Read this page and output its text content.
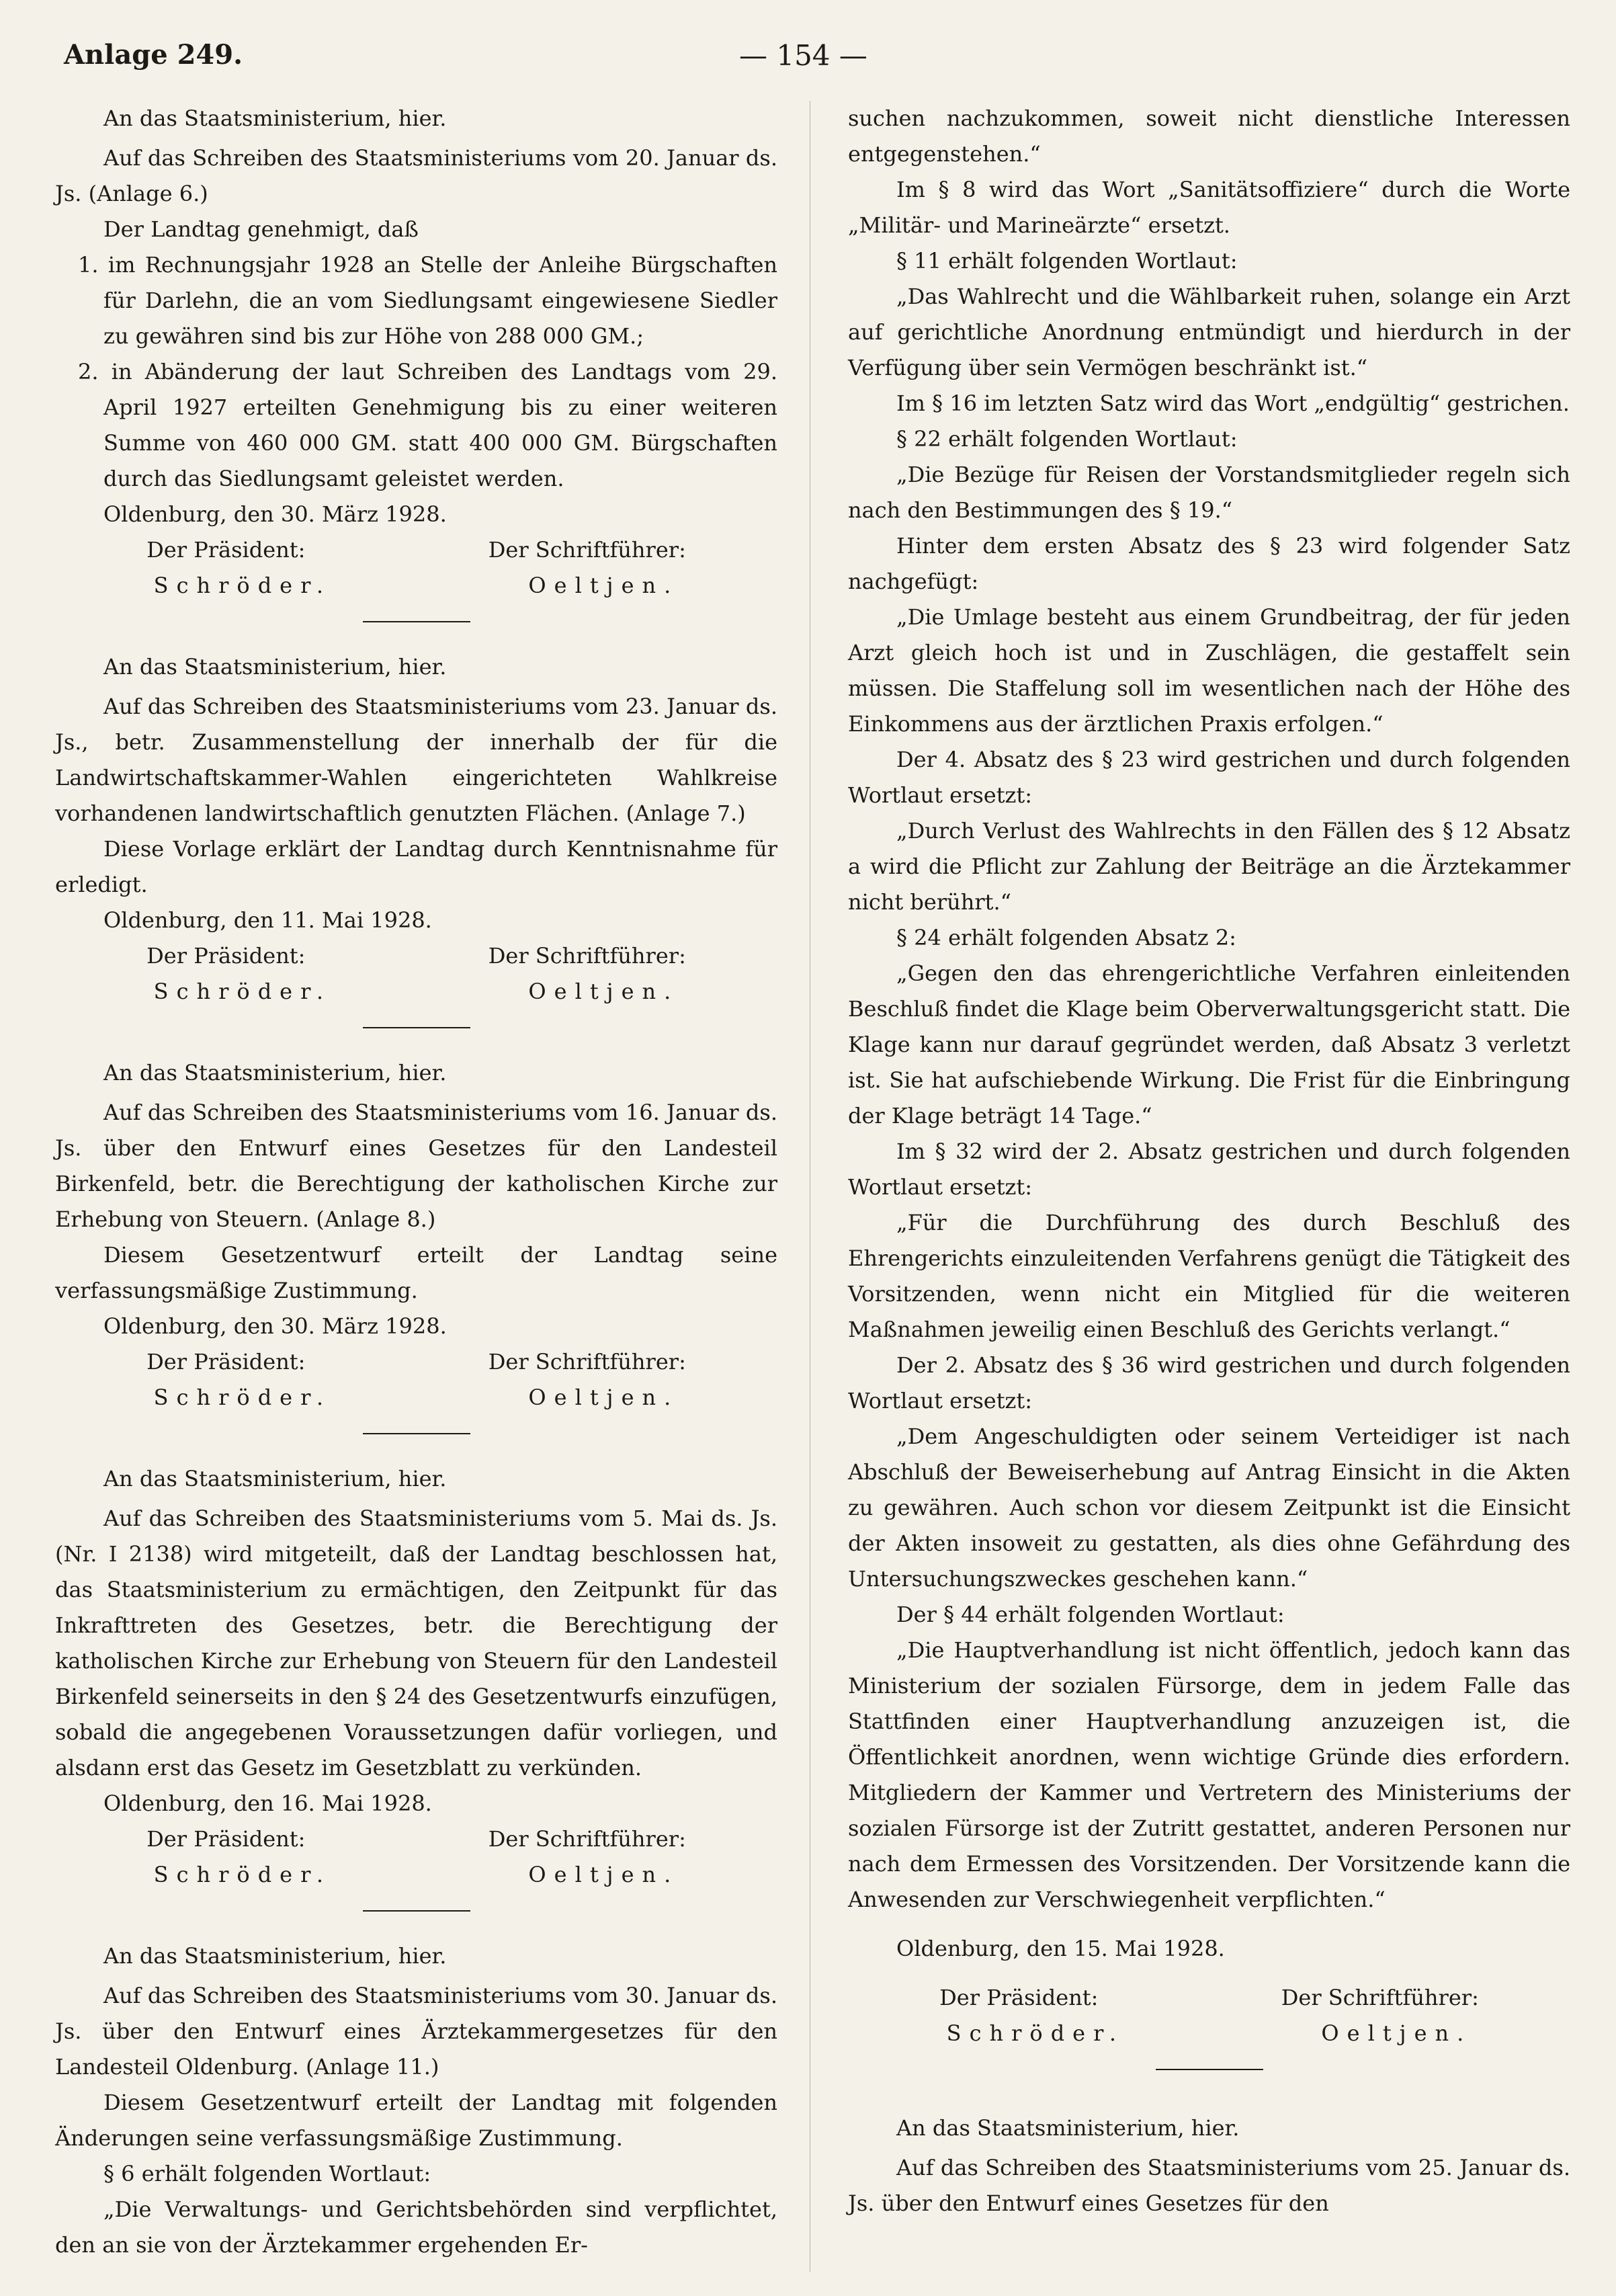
Anlage 249.	— 154 —

An das Staatsministerium, hier.

Auf das Schreiben des Staatsministeriums vom 20. Januar ds. Js. (Anlage 6.)

Der Landtag genehmigt, daß

1. im Rechnungsjahr 1928 an Stelle der Anleihe Bürgschaften für Darlehn, die an vom Siedlungsamt eingewiesene Siedler zu gewähren sind bis zur Höhe von 288 000 GM.;

2. in Abänderung der laut Schreiben des Landtags vom 29. April 1927 erteilten Genehmigung bis zu einer weiteren Summe von 460 000 GM. statt 400 000 GM. Bürgschaften durch das Siedlungsamt geleistet werden.

Oldenburg, den 30. März 1928.

Der Präsident:	Der Schriftführer:
Schröder.	Oeltjen.

An das Staatsministerium, hier.

Auf das Schreiben des Staatsministeriums vom 23. Januar ds. Js., betr. Zusammenstellung der innerhalb der für die Landwirtschaftskammer-Wahlen eingerichteten Wahlkreise vorhandenen landwirtschaftlich genutzten Flächen. (Anlage 7.)

Diese Vorlage erklärt der Landtag durch Kenntnisnahme für erledigt.

Oldenburg, den 11. Mai 1928.

Der Präsident:	Der Schriftführer:
Schröder.	Oeltjen.

An das Staatsministerium, hier.

Auf das Schreiben des Staatsministeriums vom 16. Januar ds. Js. über den Entwurf eines Gesetzes für den Landesteil Birkenfeld, betr. die Berechtigung der katholischen Kirche zur Erhebung von Steuern. (Anlage 8.)

Diesem Gesetzentwurf erteilt der Landtag seine verfassungsmäßige Zustimmung.

Oldenburg, den 30. März 1928.

Der Präsident:	Der Schriftführer:
Schröder.	Oeltjen.

An das Staatsministerium, hier.

Auf das Schreiben des Staatsministeriums vom 5. Mai ds. Js. (Nr. I 2138) wird mitgeteilt, daß der Landtag beschlossen hat, das Staatsministerium zu ermächtigen, den Zeitpunkt für das Inkrafttreten des Gesetzes, betr. die Berechtigung der katholischen Kirche zur Erhebung von Steuern für den Landesteil Birkenfeld seinerseits in den § 24 des Gesetzentwurfs einzufügen, sobald die angegebenen Voraussetzungen dafür vorliegen, und alsdann erst das Gesetz im Gesetzblatt zu verkünden.

Oldenburg, den 16. Mai 1928.

Der Präsident:	Der Schriftführer:
Schröder.	Oeltjen.

An das Staatsministerium, hier.

Auf das Schreiben des Staatsministeriums vom 30. Januar ds. Js. über den Entwurf eines Ärztekammergesetzes für den Landesteil Oldenburg. (Anlage 11.)

Diesem Gesetzentwurf erteilt der Landtag mit folgenden Änderungen seine verfassungsmäßige Zustimmung.

§ 6 erhält folgenden Wortlaut:

„Die Verwaltungs- und Gerichtsbehörden sind verpflichtet, den an sie von der Ärztekammer ergehenden Er-

suchen nachzukommen, soweit nicht dienstliche Interessen entgegenstehen.“

Im § 8 wird das Wort „Sanitätsoffiziere“ durch die Worte „Militär- und Marineärzte“ ersetzt.

§ 11 erhält folgenden Wortlaut:

„Das Wahlrecht und die Wählbarkeit ruhen, solange ein Arzt auf gerichtliche Anordnung entmündigt und hierdurch in der Verfügung über sein Vermögen beschränkt ist.“

Im § 16 im letzten Satz wird das Wort „endgültig“ gestrichen.

§ 22 erhält folgenden Wortlaut:

„Die Bezüge für Reisen der Vorstandsmitglieder regeln sich nach den Bestimmungen des § 19.“

Hinter dem ersten Absatz des § 23 wird folgender Satz nachgefügt:

„Die Umlage besteht aus einem Grundbeitrag, der für jeden Arzt gleich hoch ist und in Zuschlägen, die gestaffelt sein müssen. Die Staffelung soll im wesentlichen nach der Höhe des Einkommens aus der ärztlichen Praxis erfolgen.“

Der 4. Absatz des § 23 wird gestrichen und durch folgenden Wortlaut ersetzt:

„Durch Verlust des Wahlrechts in den Fällen des § 12 Absatz a wird die Pflicht zur Zahlung der Beiträge an die Ärztekammer nicht berührt.“

§ 24 erhält folgenden Absatz 2:

„Gegen den das ehrengerichtliche Verfahren einleitenden Beschluß findet die Klage beim Oberverwaltungsgericht statt. Die Klage kann nur darauf gegründet werden, daß Absatz 3 verletzt ist. Sie hat aufschiebende Wirkung. Die Frist für die Einbringung der Klage beträgt 14 Tage.“

Im § 32 wird der 2. Absatz gestrichen und durch folgenden Wortlaut ersetzt:

„Für die Durchführung des durch Beschluß des Ehrengerichts einzuleitenden Verfahrens genügt die Tätigkeit des Vorsitzenden, wenn nicht ein Mitglied für die weiteren Maßnahmen jeweilig einen Beschluß des Gerichts verlangt.“

Der 2. Absatz des § 36 wird gestrichen und durch folgenden Wortlaut ersetzt:

„Dem Angeschuldigten oder seinem Verteidiger ist nach Abschluß der Beweiserhebung auf Antrag Einsicht in die Akten zu gewähren. Auch schon vor diesem Zeitpunkt ist die Einsicht der Akten insoweit zu gestatten, als dies ohne Gefährdung des Untersuchungszweckes geschehen kann.“

Der § 44 erhält folgenden Wortlaut:

„Die Hauptverhandlung ist nicht öffentlich, jedoch kann das Ministerium der sozialen Fürsorge, dem in jedem Falle das Stattfinden einer Hauptverhandlung anzuzeigen ist, die Öffentlichkeit anordnen, wenn wichtige Gründe dies erfordern. Mitgliedern der Kammer und Vertretern des Ministeriums der sozialen Fürsorge ist der Zutritt gestattet, anderen Personen nur nach dem Ermessen des Vorsitzenden. Der Vorsitzende kann die Anwesenden zur Verschwiegenheit verpflichten.“

Oldenburg, den 15. Mai 1928.

Der Präsident:	Der Schriftführer:
Schröder.	Oeltjen.

An das Staatsministerium, hier.

Auf das Schreiben des Staatsministeriums vom 25. Januar ds. Js. über den Entwurf eines Gesetzes für den
